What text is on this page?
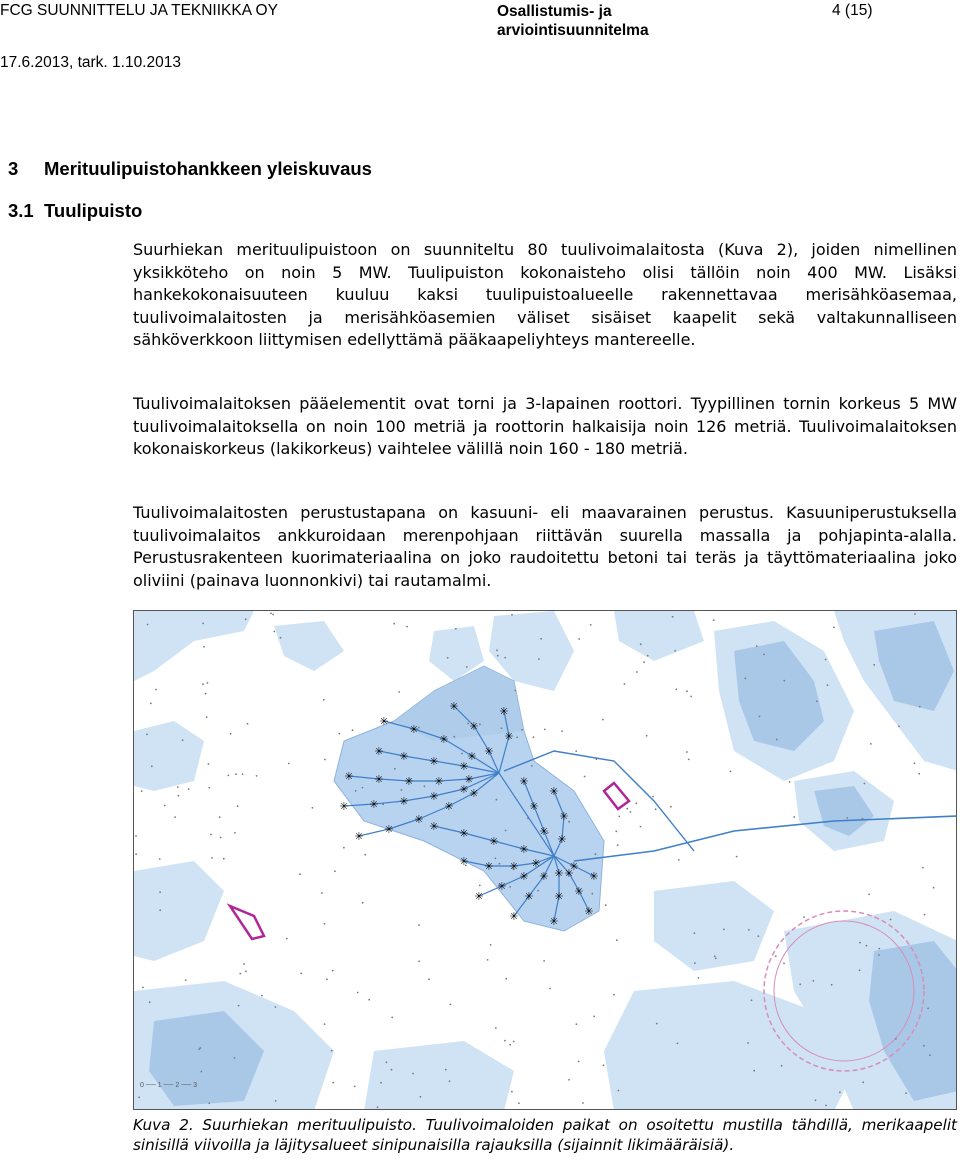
FCG SUUNNITTELU JA TEKNIIKKA OY	Osallistumis- ja
arviointisuunnitelma
4 (15)
17.6.2013, tark. 1.10.2013
3 Merituulipuistohankkeen yleiskuvaus
3.1 Tuulipuisto

Suurhiekan merituulipuistoon on suunniteltu 80 tuulivoimalaitosta (Kuva 2), joiden nimellinen yksikköteho on noin 5 MW. Tuulipuiston kokonaisteho olisi tällöin noin 400 MW. Lisäksi hankekokonaisuuteen kuuluu kaksi tuulipuistoalueelle rakennettavaa merisähköasemaa, tuulivoimalaitosten ja merisähköasemien väliset sisäiset kaapelit sekä valtakunnalliseen sähköverkkoon liittymisen edellyttämä pääkaapeliyhteys mantereelle.

Tuulivoimalaitoksen pääelementit ovat torni ja 3-lapainen roottori. Tyypillinen tornin korkeus 5 MW tuulivoimalaitoksella on noin 100 metriä ja roottorin halkaisija noin 126 metriä. Tuulivoimalaitoksen kokonaiskorkeus (lakikorkeus) vaihtelee välillä noin 160 - 180 metriä.

Tuulivoimalaitosten perustustapana on kasuuni- eli maavarainen perustus. Kasuuniperustuksella tuulivoimalaitos ankkuroidaan merenpohjaan riittävän suurella massalla ja pohjapinta-alalla. Perustusrakenteen kuorimateriaalina on joko raudoitettu betoni tai teräs ja täyttömateriaalina joko oliviini (painava luonnonkivi) tai rautamalmi.

✳ ✳ ✳ ✳
✳ ✳ ✳ ✳ ✳
✳ ✳ ✳ ✳
✳
✳
✳
✳
✳
✳
✳
✳
✳
✳
✳
✳
✳
✳
✳
✳
✳
✳
✳
✳ ✳ ✳ ✳
✳
✳
✳
✳
✳
✳
✳
✳
✳
✳
✳
✳ ✳
✳
✳
✳
✳
✳
✳
✳
0 ── 1 ── 2 ── 3

Kuva 2. Suurhiekan merituulipuisto. Tuulivoimaloiden paikat on osoitettu mustilla tähdillä, merikaapelit sinisillä viivoilla ja läjitysalueet sinipunaisilla rajauksilla (sijainnit likimääräisiä).
